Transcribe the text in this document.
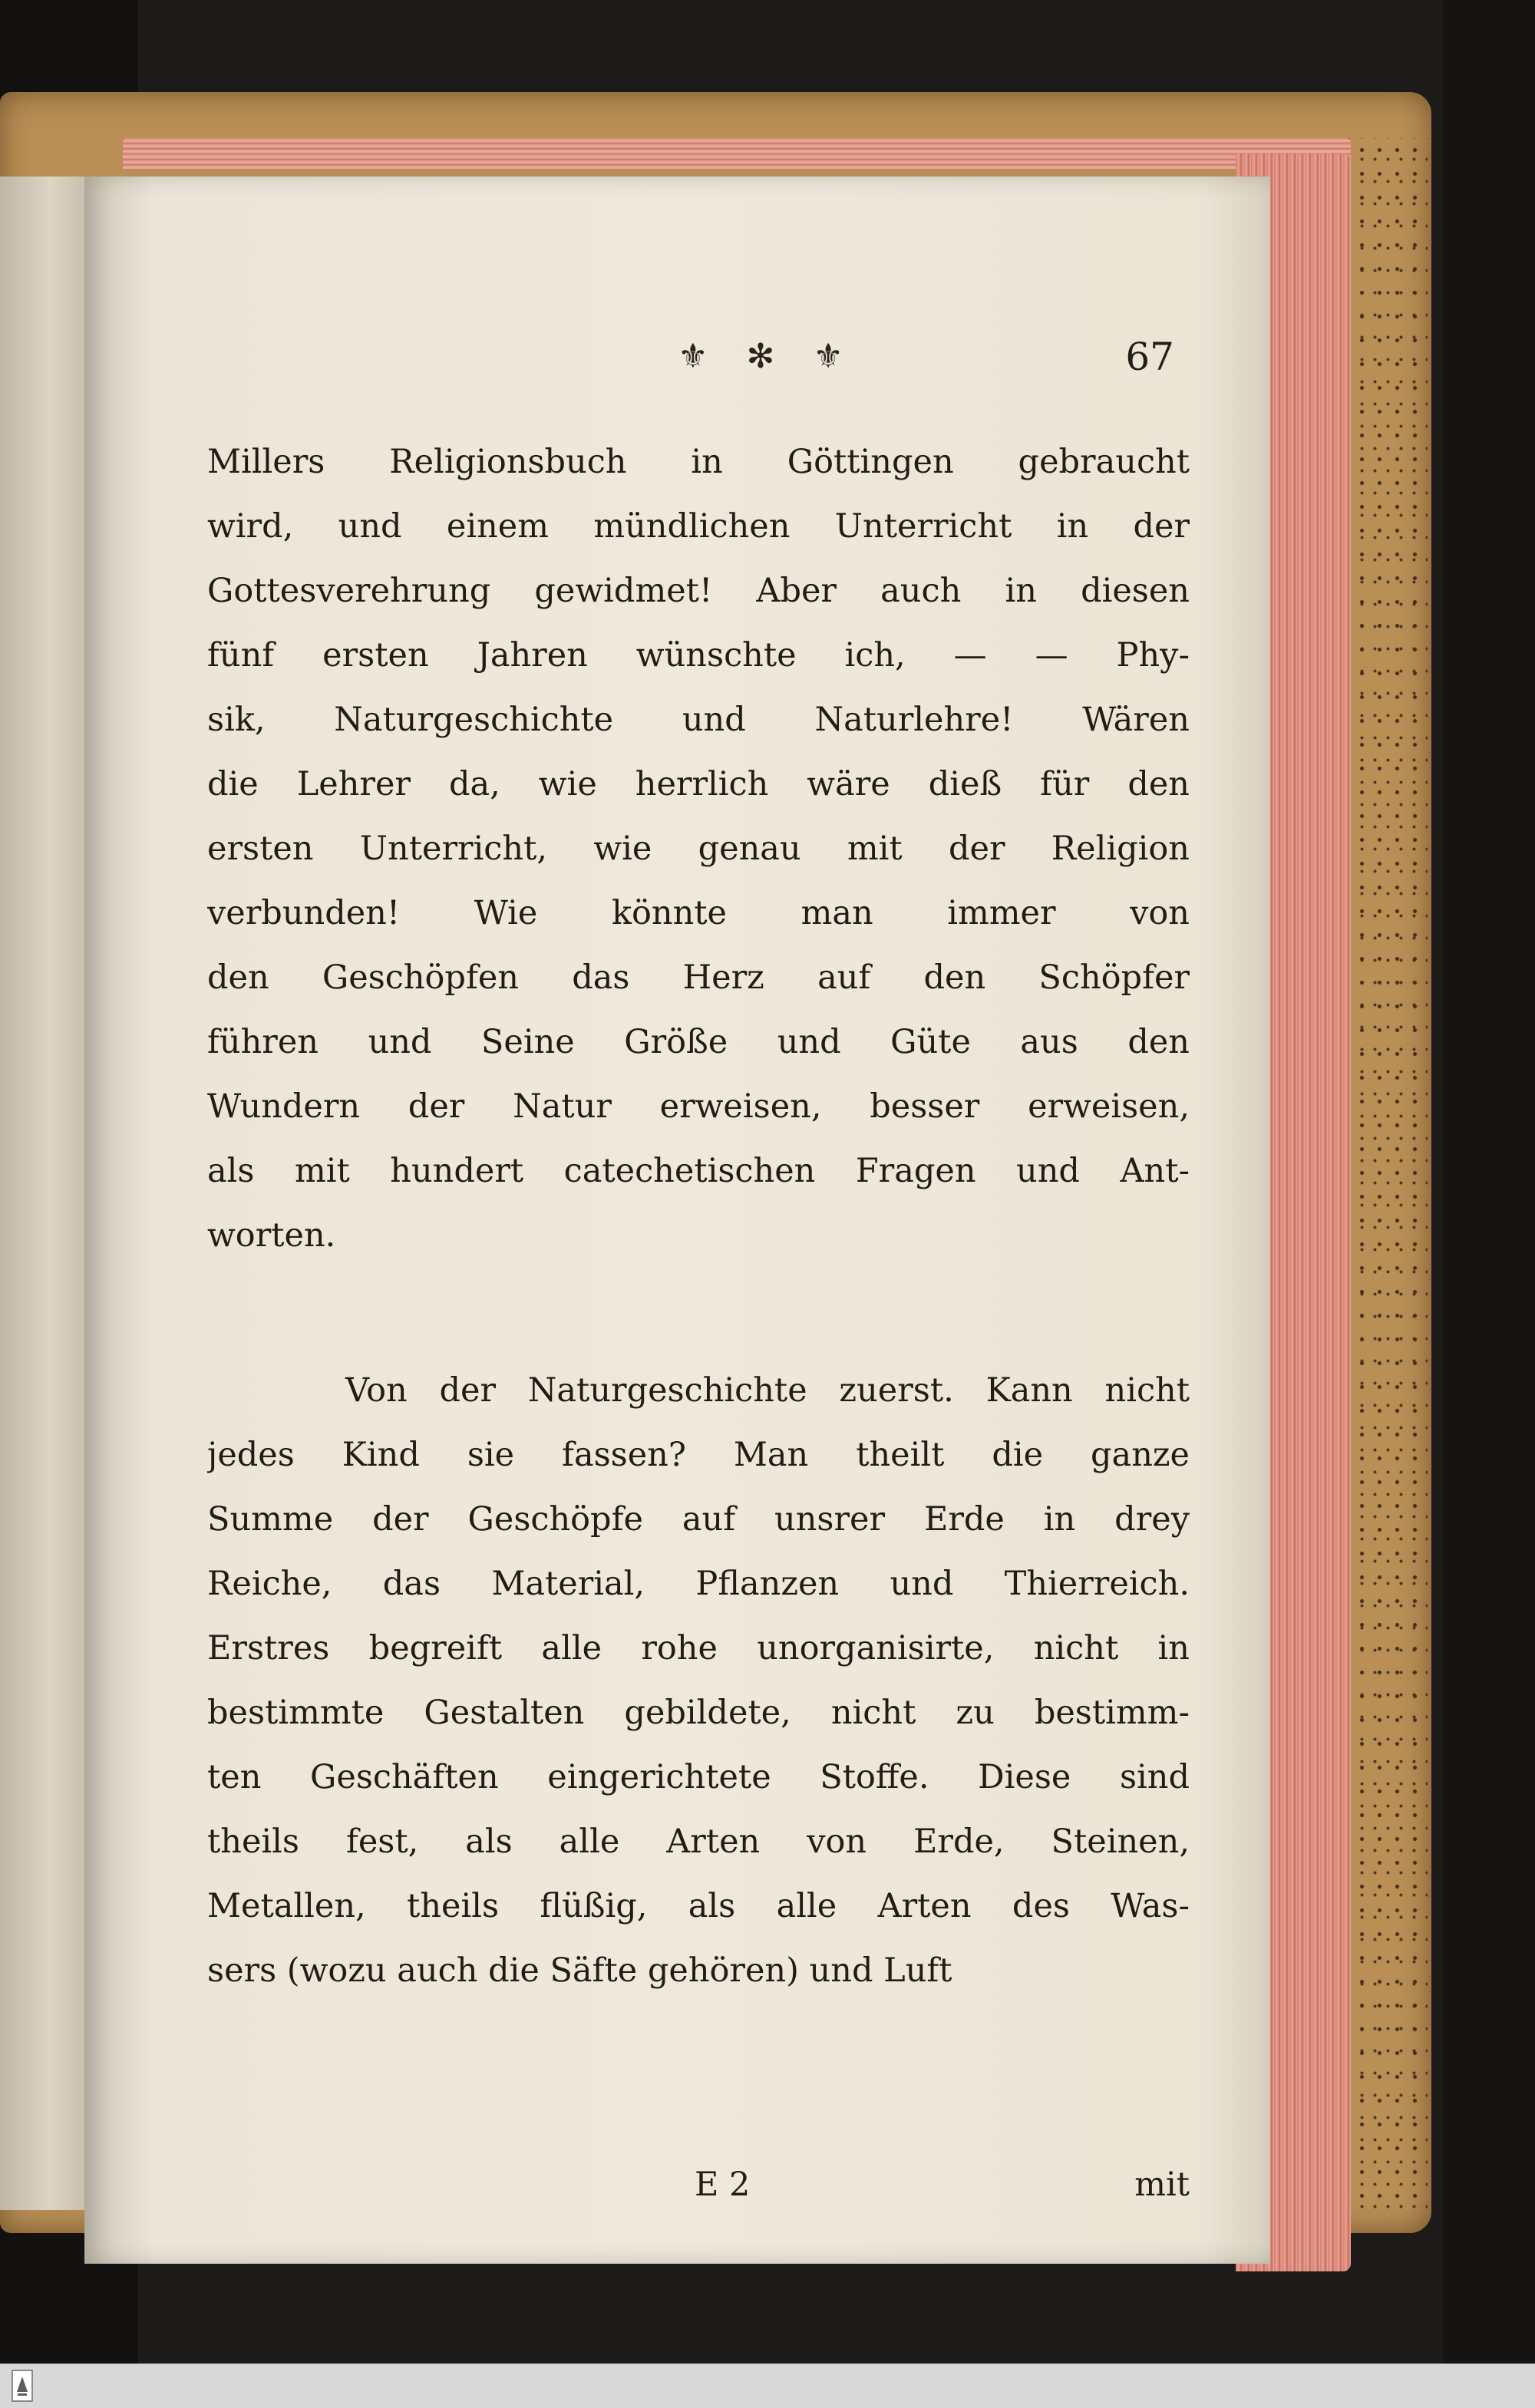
⚜ ✻ ⚜	67
Millers Religionsbuch in Göttingen gebraucht
wird, und einem mündlichen Unterricht in der
Gottesverehrung gewidmet! Aber auch in diesen
fünf ersten Jahren wünschte ich, — — Phy-
sik, Naturgeschichte und Naturlehre! Wären
die Lehrer da, wie herrlich wäre dieß für den
ersten Unterricht, wie genau mit der Religion
verbunden! Wie könnte man immer von
den Geschöpfen das Herz auf den Schöpfer
führen und Seine Größe und Güte aus den
Wundern der Natur erweisen, besser erweisen,
als mit hundert catechetischen Fragen und Ant-
worten.
Von der Naturgeschichte zuerst. Kann nicht
jedes Kind sie fassen? Man theilt die ganze
Summe der Geschöpfe auf unsrer Erde in drey
Reiche, das Material, Pflanzen und Thierreich.
Erstres begreift alle rohe unorganisirte, nicht in
bestimmte Gestalten gebildete, nicht zu bestimm-
ten Geschäften eingerichtete Stoffe. Diese sind
theils fest, als alle Arten von Erde, Steinen,
Metallen, theils flüßig, als alle Arten des Was-
sers (wozu auch die Säfte gehören) und Luft
E 2	mit
